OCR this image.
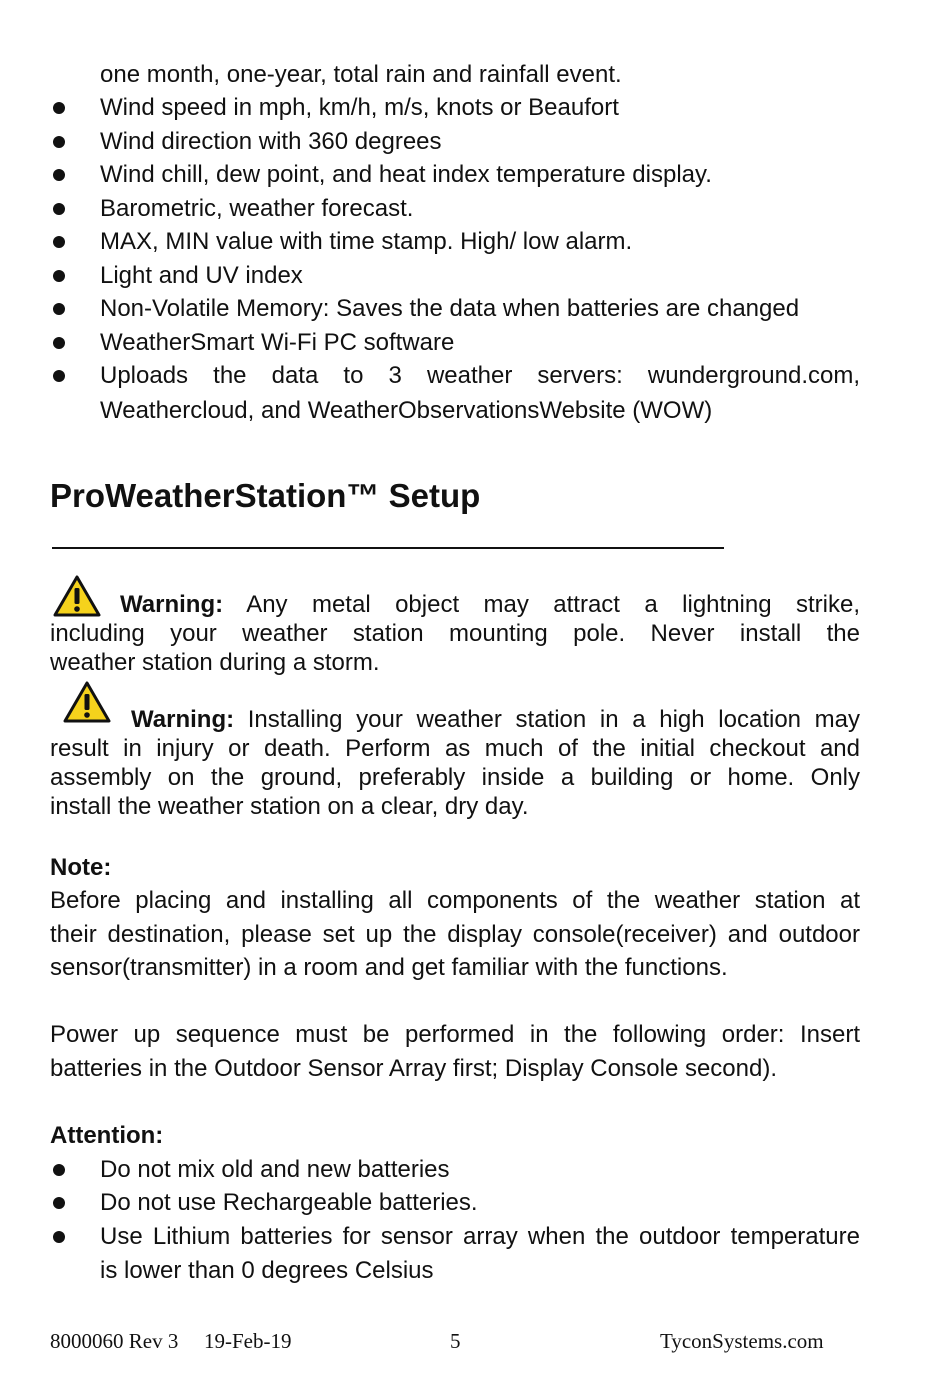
one month, one-year, total rain and rainfall event.
Wind speed in mph, km/h, m/s, knots or Beaufort
Wind direction with 360 degrees
Wind chill, dew point, and heat index temperature display.
Barometric, weather forecast.
MAX, MIN value with time stamp. High/ low alarm.
Light and UV index
Non-Volatile Memory: Saves the data when batteries are changed
WeatherSmart Wi-Fi PC software
Uploads the data to 3 weather servers: wunderground.com,
Weathercloud, and WeatherObservationsWebsite (WOW)
ProWeatherStation™ Setup
Warning: Any metal object may attract a lightning strike,
including your weather station mounting pole. Never install the
weather station during a storm.
Warning: Installing your weather station in a high location may
result in injury or death. Perform as much of the initial checkout and
assembly on the ground, preferably inside a building or home. Only
install the weather station on a clear, dry day.
Note:
Before placing and installing all components of the weather station at
their destination, please set up the display console(receiver) and outdoor
sensor(transmitter) in a room and get familiar with the functions.
Power up sequence must be performed in the following order: Insert
batteries in the Outdoor Sensor Array first; Display Console second).
Attention:
Do not mix old and new batteries
Do not use Rechargeable batteries.
Use Lithium batteries for sensor array when the outdoor temperature
is lower than 0 degrees Celsius
8000060 Rev 3 19-Feb-19	5	TyconSystems.com
